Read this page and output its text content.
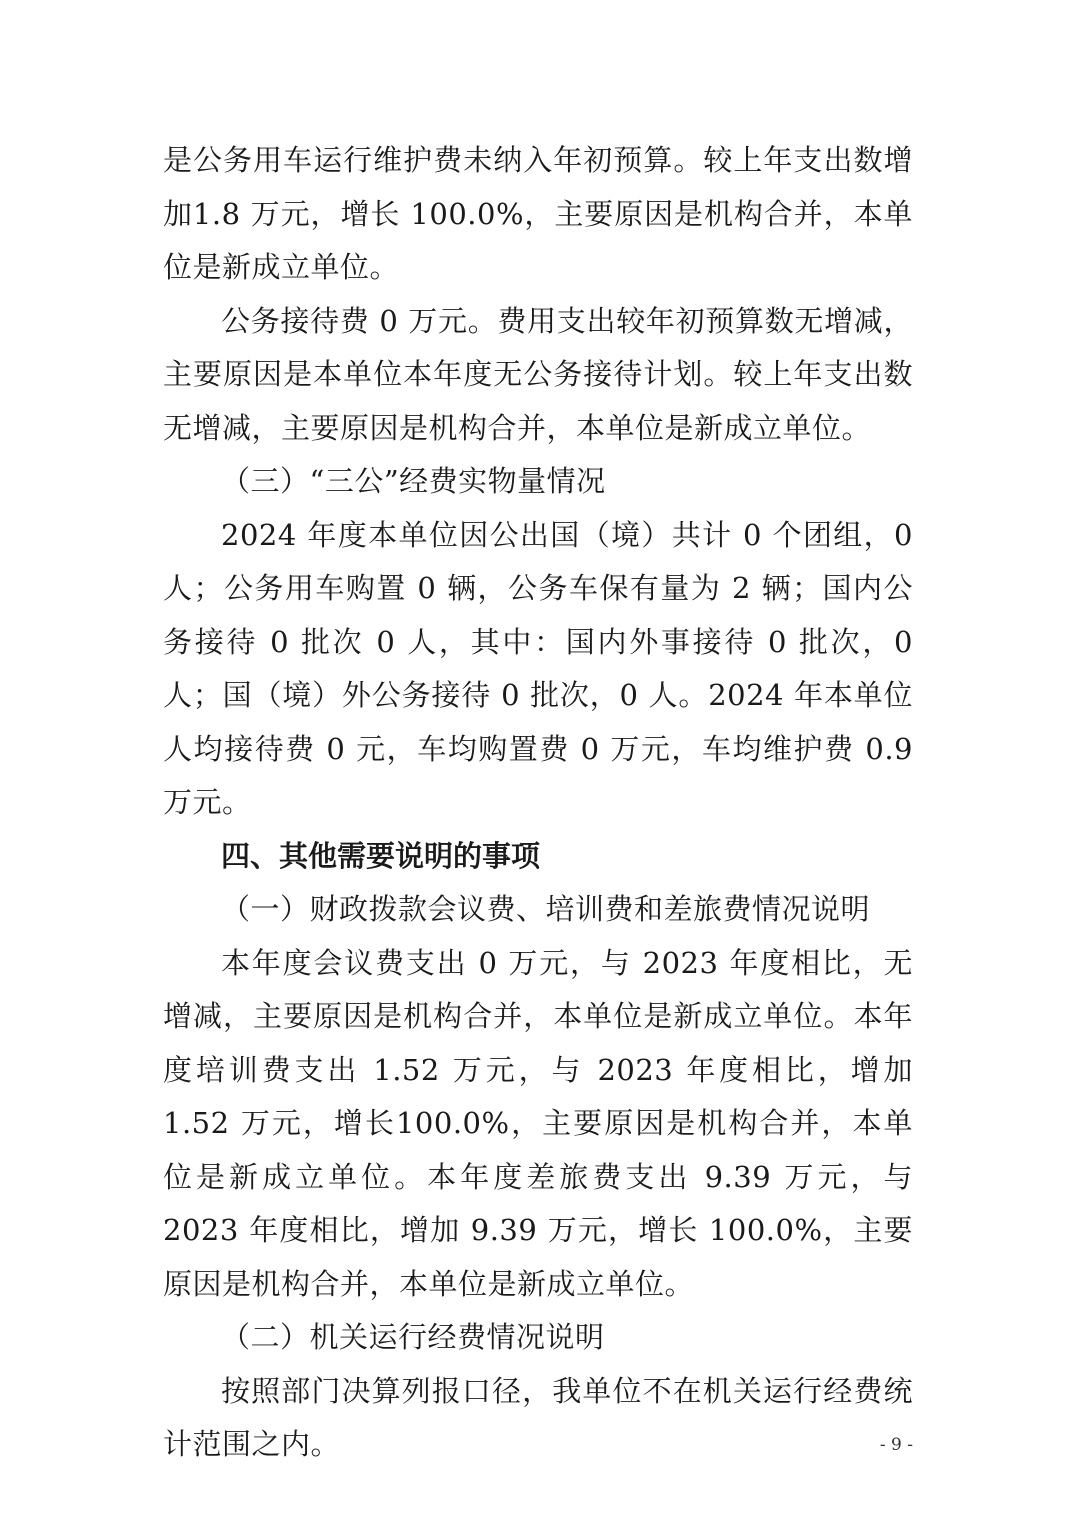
是公务用车运行维护费未纳入年初预算。较上年支出数增加1.8 万元，增长 100.0%，主要原因是机构合并，本单位是新成立单位。

公务接待费 0 万元。费用支出较年初预算数无增减，主要原因是本单位本年度无公务接待计划。较上年支出数无增减，主要原因是机构合并，本单位是新成立单位。

（三）“三公”经费实物量情况

2024 年度本单位因公出国（境）共计 0 个团组，0 人；公务用车购置 0 辆，公务车保有量为 2 辆；国内公务接待 0 批次 0 人，其中：国内外事接待 0 批次，0 人；国（境）外公务接待 0 批次，0 人。2024 年本单位人均接待费 0 元，车均购置费 0 万元，车均维护费 0.9 万元。

四、其他需要说明的事项

（一）财政拨款会议费、培训费和差旅费情况说明

本年度会议费支出 0 万元，与 2023 年度相比，无增减，主要原因是机构合并，本单位是新成立单位。本年度培训费支出 1.52 万元，与 2023 年度相比，增加 1.52 万元，增长100.0%，主要原因是机构合并，本单位是新成立单位。本年度差旅费支出 9.39 万元，与 2023 年度相比，增加 9.39 万元，增长 100.0%，主要原因是机构合并，本单位是新成立单位。

（二）机关运行经费情况说明

按照部门决算列报口径，我单位不在机关运行经费统计范围之内。	- 9 -
